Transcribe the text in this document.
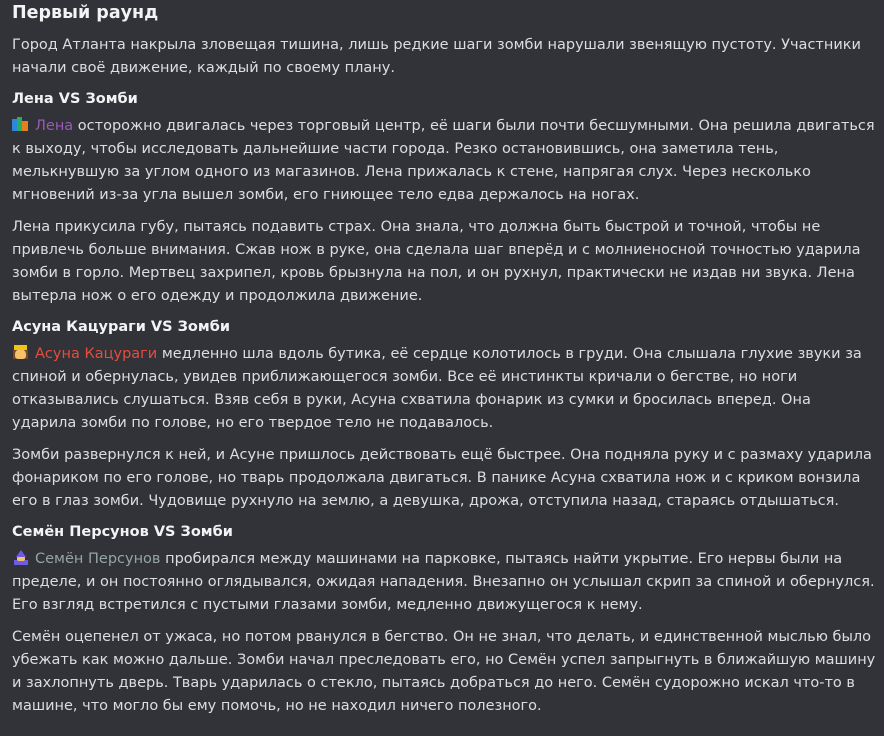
Первый раунд

Город Атланта накрыла зловещая тишина, лишь редкие шаги зомби нарушали звенящую пустоту. Участники начали своё движение, каждый по своему плану.

Лена VS Зомби

Лена осторожно двигалась через торговый центр, её шаги были почти бесшумными. Она решила двигаться к выходу, чтобы исследовать дальнейшие части города. Резко остановившись, она заметила тень, мелькнувшую за углом одного из магазинов. Лена прижалась к стене, напрягая слух. Через несколько мгновений из-за угла вышел зомби, его гниющее тело едва держалось на ногах.

Лена прикусила губу, пытаясь подавить страх. Она знала, что должна быть быстрой и точной, чтобы не привлечь больше внимания. Сжав нож в руке, она сделала шаг вперёд и с молниеносной точностью ударила зомби в горло. Мертвец захрипел, кровь брызнула на пол, и он рухнул, практически не издав ни звука. Лена вытерла нож о его одежду и продолжила движение.

Асуна Кацураги VS Зомби

Асуна Кацураги медленно шла вдоль бутика, её сердце колотилось в груди. Она слышала глухие звуки за спиной и обернулась, увидев приближающегося зомби. Все её инстинкты кричали о бегстве, но ноги отказывались слушаться. Взяв себя в руки, Асуна схватила фонарик из сумки и бросилась вперед. Она ударила зомби по голове, но его твердое тело не подавалось.

Зомби развернулся к ней, и Асуне пришлось действовать ещё быстрее. Она подняла руку и с размаху ударила фонариком по его голове, но тварь продолжала двигаться. В панике Асуна схватила нож и с криком вонзила его в глаз зомби. Чудовище рухнуло на землю, а девушка, дрожа, отступила назад, стараясь отдышаться.

Семён Персунов VS Зомби

Семён Персунов пробирался между машинами на парковке, пытаясь найти укрытие. Его нервы были на пределе, и он постоянно оглядывался, ожидая нападения. Внезапно он услышал скрип за спиной и обернулся. Его взгляд встретился с пустыми глазами зомби, медленно движущегося к нему.

Семён оцепенел от ужаса, но потом рванулся в бегство. Он не знал, что делать, и единственной мыслью было убежать как можно дальше. Зомби начал преследовать его, но Семён успел запрыгнуть в ближайшую машину и захлопнуть дверь. Тварь ударилась о стекло, пытаясь добраться до него. Семён судорожно искал что-то в машине, что могло бы ему помочь, но не находил ничего полезного.
